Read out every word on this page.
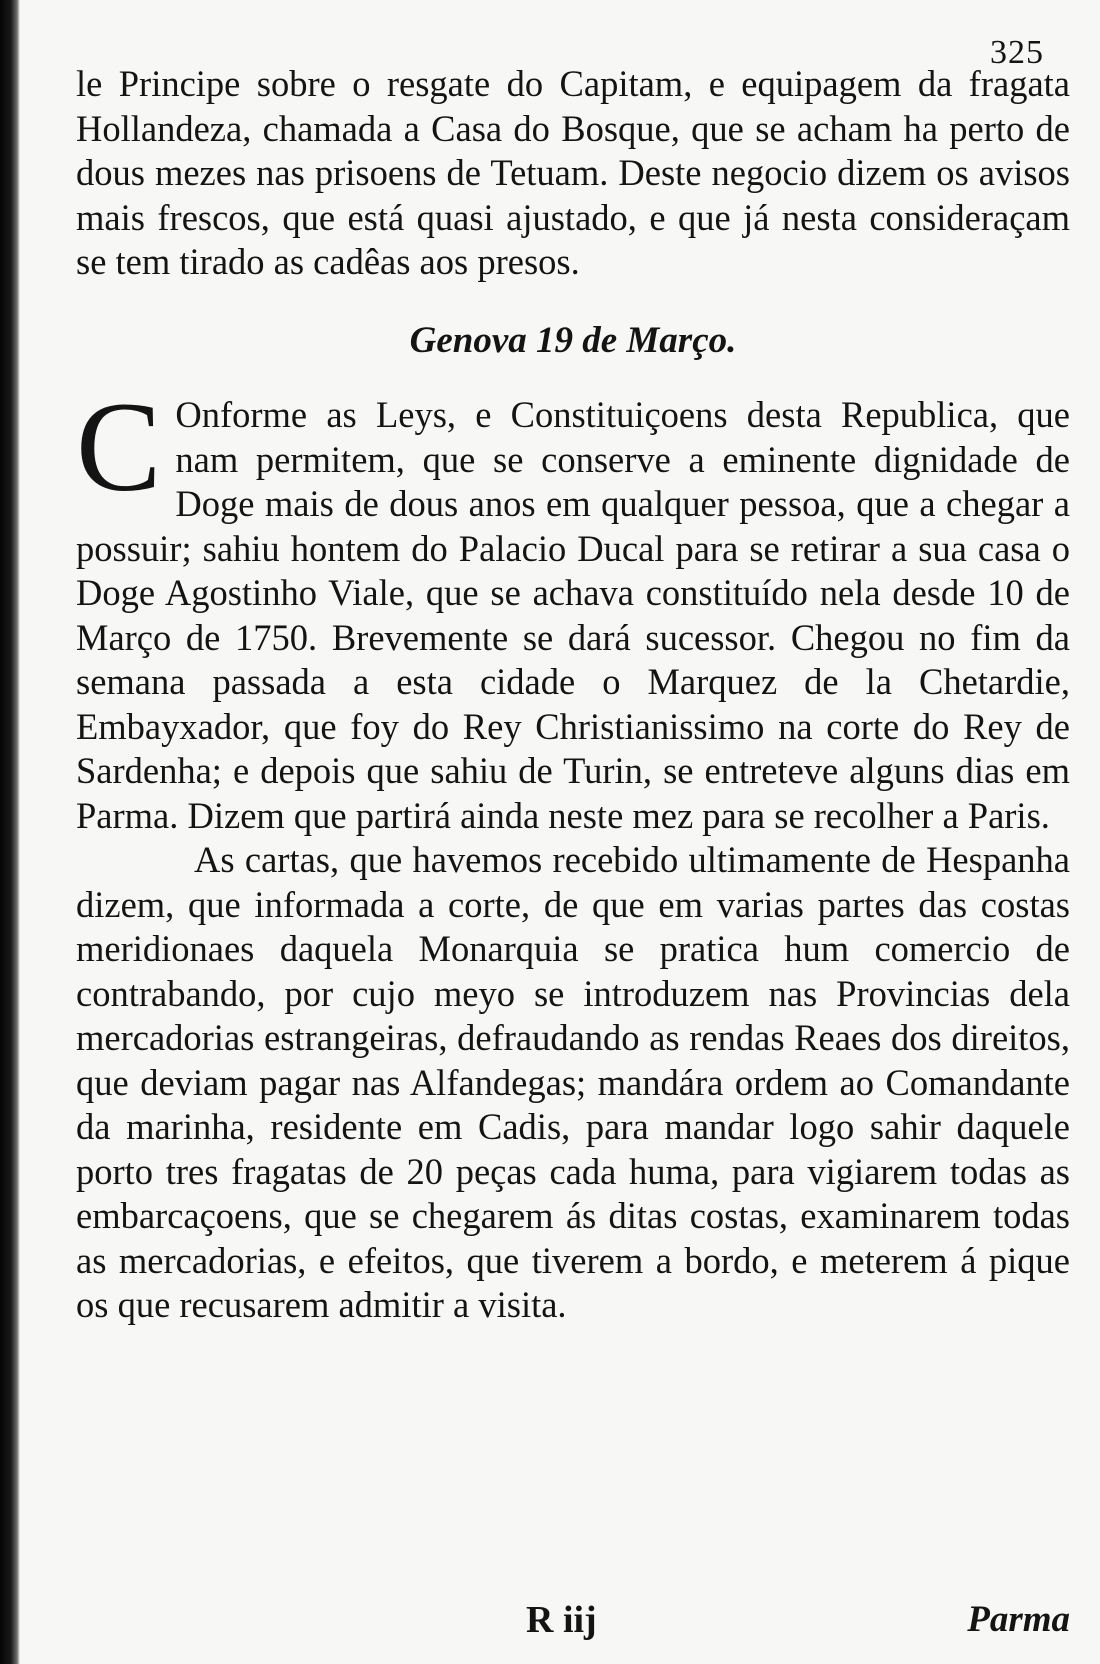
325

le Principe sobre o resgate do Capitam, e equipagem da fragata Hollandeza, chamada a Casa do Bosque, que se acham ha perto de dous mezes nas prisoens de Tetuam. Deste negocio dizem os avisos mais frescos, que está quasi ajustado, e que já nesta consideraçam se tem tirado as cadêas aos presos.

Genova 19 de Março.

C Onforme as Leys, e Constituiçoens desta Republica, que nam permitem, que se conserve a eminente dignidade de Doge mais de dous anos em qualquer pessoa, que a chegar a possuir; sahiu hontem do Palacio Ducal para se retirar a sua casa o Doge Agostinho Viale, que se achava constituído nela desde 10 de Março de 1750. Brevemente se dará sucessor. Chegou no fim da semana passada a esta cidade o Marquez de la Chetardie, Embayxador, que foy do Rey Christianissimo na corte do Rey de Sardenha; e depois que sahiu de Turin, se entreteve alguns dias em Parma. Dizem que partirá ainda neste mez para se recolher a Paris.

As cartas, que havemos recebido ultimamente de Hespanha dizem, que informada a corte, de que em varias partes das costas meridionaes daquela Monarquia se pratica hum comercio de contrabando, por cujo meyo se introduzem nas Provincias dela mercadorias estrangeiras, defraudando as rendas Reaes dos direitos, que deviam pagar nas Alfandegas; mandára ordem ao Comandante da marinha, residente em Cadis, para mandar logo sahir daquele porto tres fragatas de 20 peças cada huma, para vigiarem todas as embarcaçoens, que se chegarem ás ditas costas, examinarem todas as mercadorias, e efeitos, que tiverem a bordo, e meterem á pique os que recusarem admitir a visita.

R iij	Parma
